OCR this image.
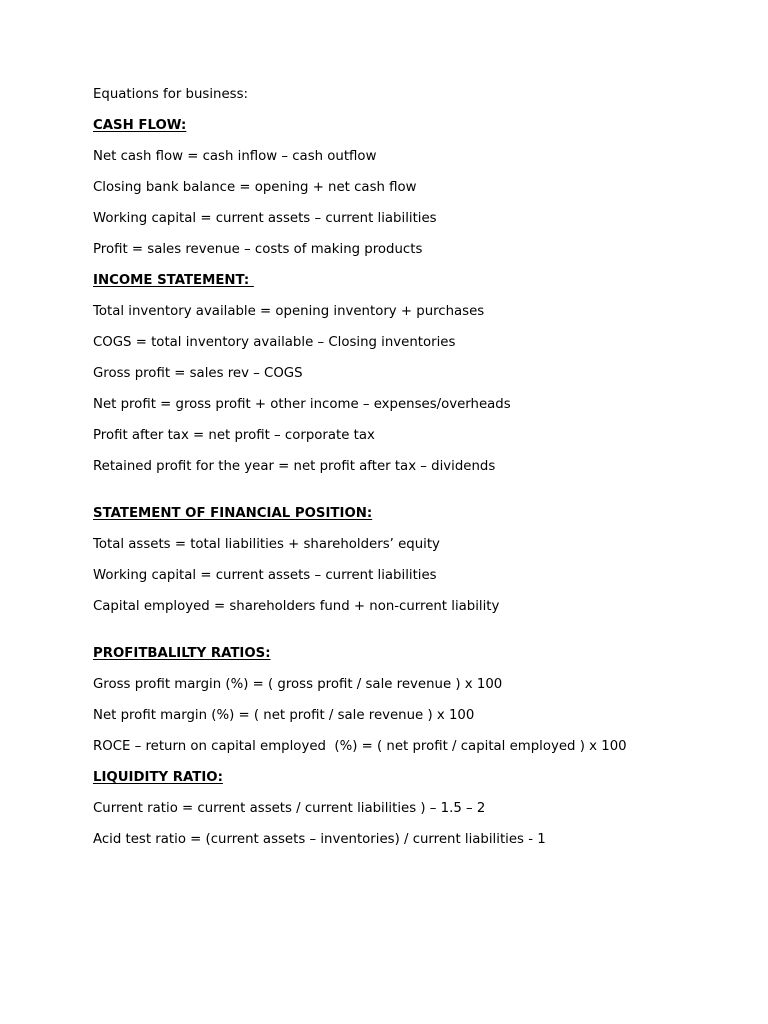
Equations for business:
CASH FLOW:
Net cash flow = cash inflow – cash outflow
Closing bank balance = opening + net cash flow
Working capital = current assets – current liabilities
Profit = sales revenue – costs of making products
INCOME STATEMENT:
Total inventory available = opening inventory + purchases
COGS = total inventory available – Closing inventories
Gross profit = sales rev – COGS
Net profit = gross profit + other income – expenses/overheads
Profit after tax = net profit – corporate tax
Retained profit for the year = net profit after tax – dividends
STATEMENT OF FINANCIAL POSITION:
Total assets = total liabilities + shareholders’ equity
Working capital = current assets – current liabilities
Capital employed = shareholders fund + non-current liability
PROFITBALILTY RATIOS:
Gross profit margin (%) = ( gross profit / sale revenue ) x 100
Net profit margin (%) = ( net profit / sale revenue ) x 100
ROCE – return on capital employed  (%) = ( net profit / capital employed ) x 100
LIQUIDITY RATIO:
Current ratio = current assets / current liabilities ) – 1.5 – 2
Acid test ratio = (current assets – inventories) / current liabilities - 1
